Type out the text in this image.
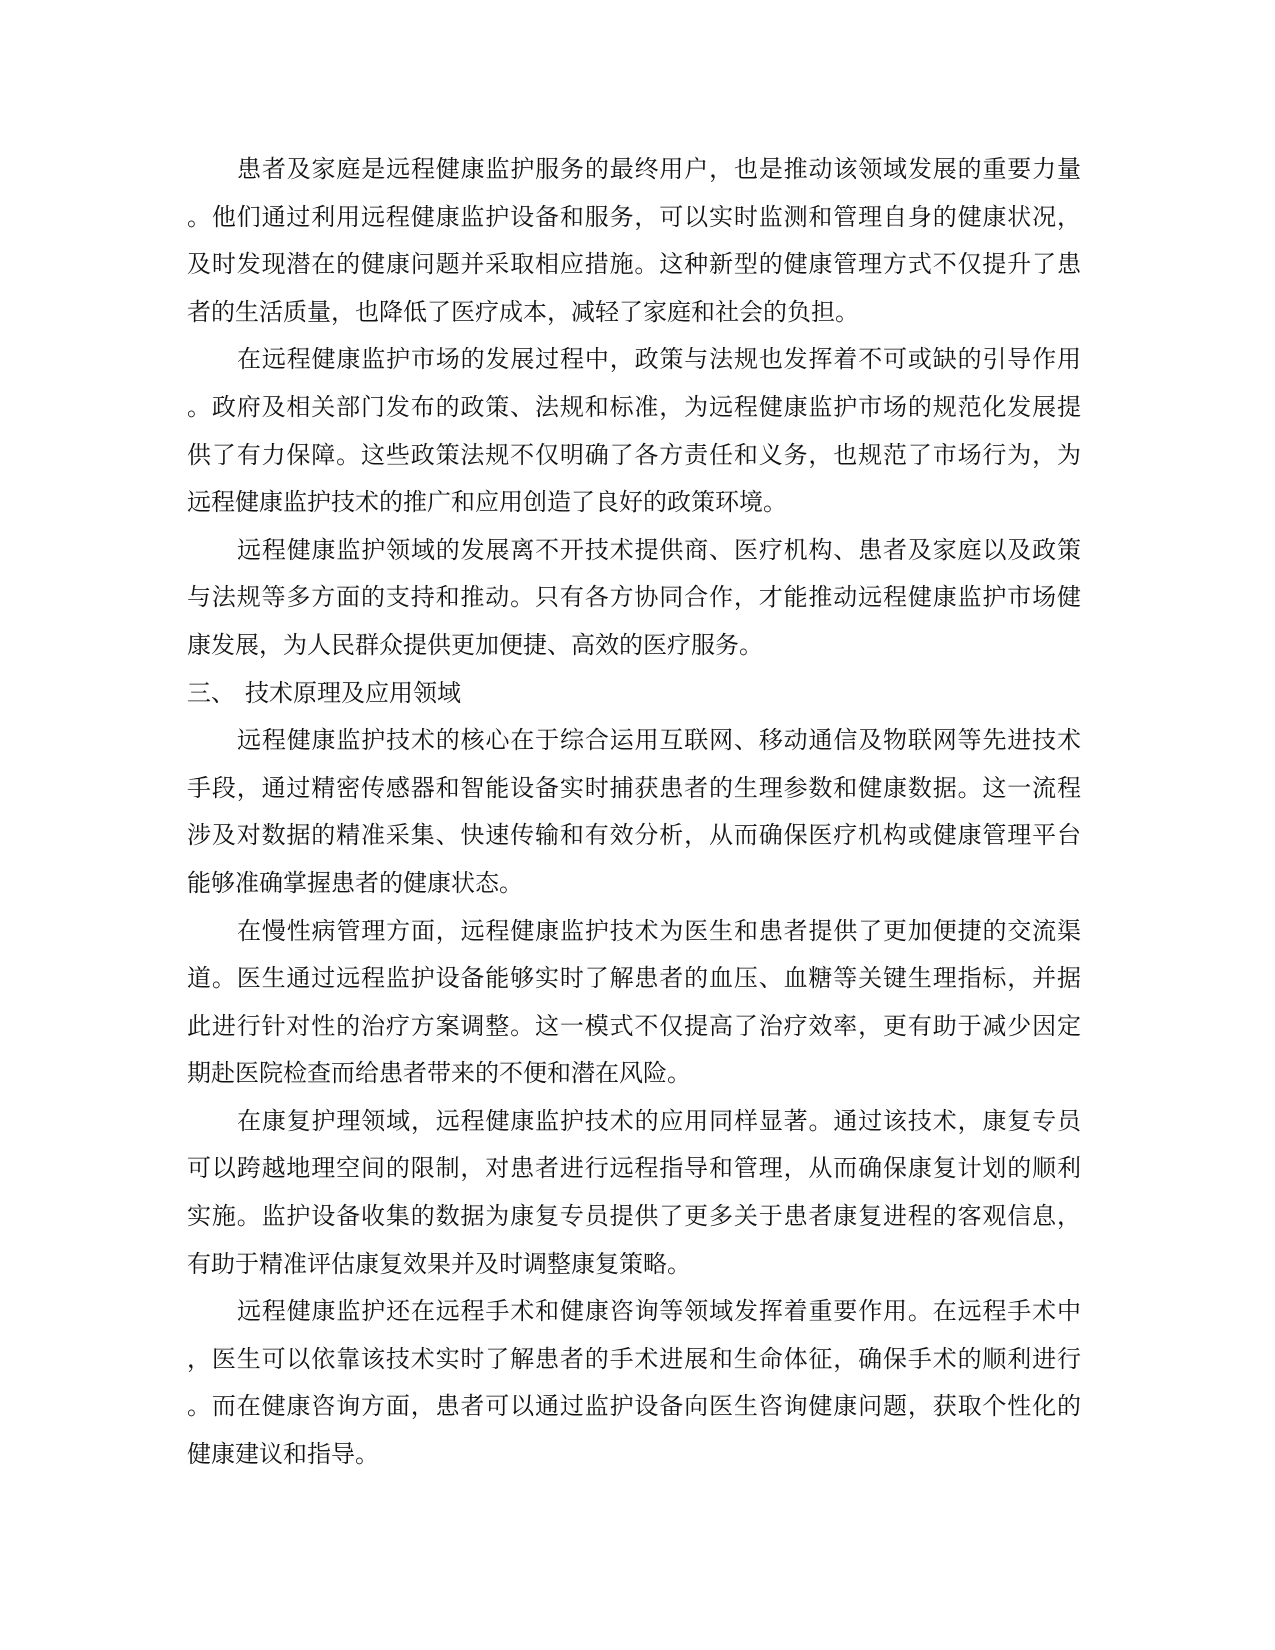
患者及家庭是远程健康监护服务的最终用户，也是推动该领域发展的重要力量
。他们通过利用远程健康监护设备和服务，可以实时监测和管理自身的健康状况，
及时发现潜在的健康问题并采取相应措施。这种新型的健康管理方式不仅提升了患
者的生活质量，也降低了医疗成本，减轻了家庭和社会的负担。
在远程健康监护市场的发展过程中，政策与法规也发挥着不可或缺的引导作用
。政府及相关部门发布的政策、法规和标准，为远程健康监护市场的规范化发展提
供了有力保障。这些政策法规不仅明确了各方责任和义务，也规范了市场行为，为
远程健康监护技术的推广和应用创造了良好的政策环境。
远程健康监护领域的发展离不开技术提供商、医疗机构、患者及家庭以及政策
与法规等多方面的支持和推动。只有各方协同合作，才能推动远程健康监护市场健
康发展，为人民群众提供更加便捷、高效的医疗服务。
三、 技术原理及应用领域
远程健康监护技术的核心在于综合运用互联网、移动通信及物联网等先进技术
手段，通过精密传感器和智能设备实时捕获患者的生理参数和健康数据。这一流程
涉及对数据的精准采集、快速传输和有效分析，从而确保医疗机构或健康管理平台
能够准确掌握患者的健康状态。
在慢性病管理方面，远程健康监护技术为医生和患者提供了更加便捷的交流渠
道。医生通过远程监护设备能够实时了解患者的血压、血糖等关键生理指标，并据
此进行针对性的治疗方案调整。这一模式不仅提高了治疗效率，更有助于减少因定
期赴医院检查而给患者带来的不便和潜在风险。
在康复护理领域，远程健康监护技术的应用同样显著。通过该技术，康复专员
可以跨越地理空间的限制，对患者进行远程指导和管理，从而确保康复计划的顺利
实施。监护设备收集的数据为康复专员提供了更多关于患者康复进程的客观信息，
有助于精准评估康复效果并及时调整康复策略。
远程健康监护还在远程手术和健康咨询等领域发挥着重要作用。在远程手术中
，医生可以依靠该技术实时了解患者的手术进展和生命体征，确保手术的顺利进行
。而在健康咨询方面，患者可以通过监护设备向医生咨询健康问题，获取个性化的
健康建议和指导。
